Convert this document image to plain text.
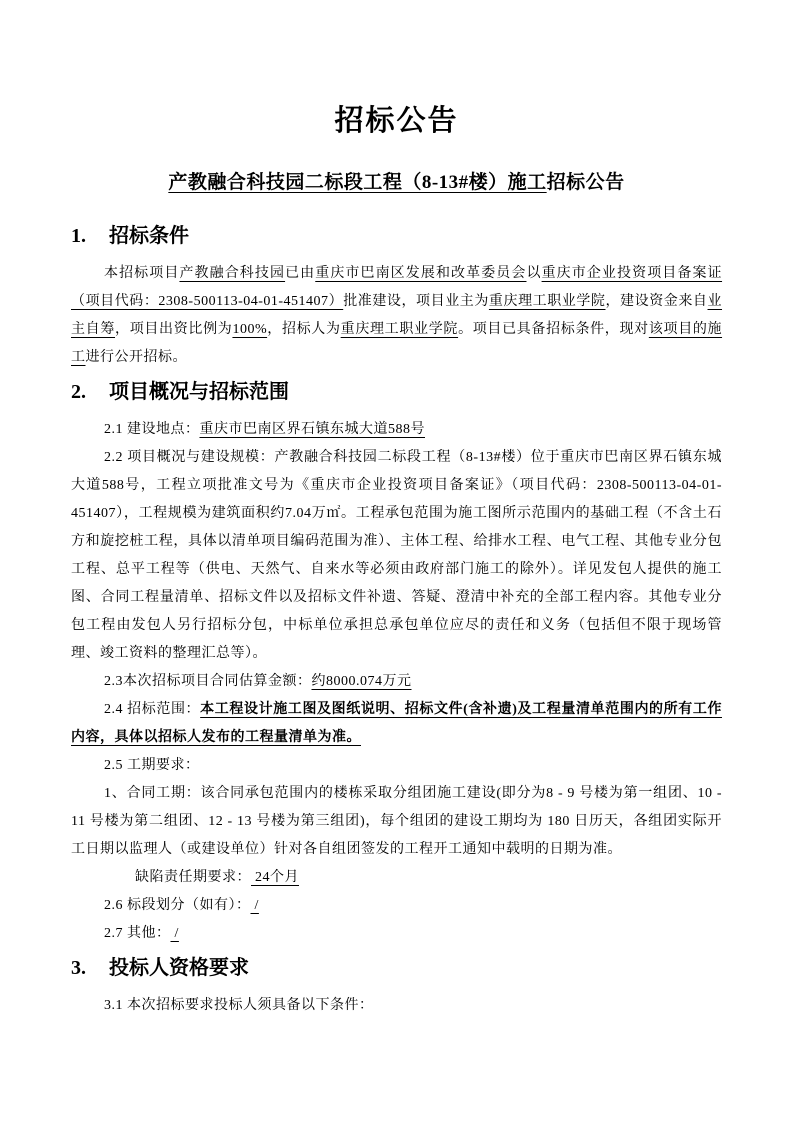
招标公告
产教融合科技园二标段工程（8-13#楼）施工招标公告
1. 招标条件

本招标项目产教融合科技园已由重庆市巴南区发展和改革委员会以重庆市企业投资项目备案证（项目代码：2308-500113-04-01-451407）批准建设，项目业主为重庆理工职业学院，建设资金来自业主自筹，项目出资比例为100%，招标人为重庆理工职业学院。项目已具备招标条件，现对该项目的施工进行公开招标。

2. 项目概况与招标范围

2.1 建设地点：重庆市巴南区界石镇东城大道588号

2.2 项目概况与建设规模：产教融合科技园二标段工程（8-13#楼）位于重庆市巴南区界石镇东城大道588号，工程立项批准文号为《重庆市企业投资项目备案证》（项目代码：2308-500113-04-01-451407），工程规模为建筑面积约7.04万㎡。工程承包范围为施工图所示范围内的基础工程（不含土石方和旋挖桩工程，具体以清单项目编码范围为准）、主体工程、给排水工程、电气工程、其他专业分包工程、总平工程等（供电、天然气、自来水等必须由政府部门施工的除外）。详见发包人提供的施工图、合同工程量清单、招标文件以及招标文件补遗、答疑、澄清中补充的全部工程内容。其他专业分包工程由发包人另行招标分包，中标单位承担总承包单位应尽的责任和义务（包括但不限于现场管理、竣工资料的整理汇总等）。

2.3本次招标项目合同估算金额：约8000.074万元

2.4 招标范围：本工程设计施工图及图纸说明、招标文件(含补遗)及工程量清单范围内的所有工作内容，具体以招标人发布的工程量清单为准。

2.5 工期要求：

1、合同工期：该合同承包范围内的楼栋采取分组团施工建设(即分为8 - 9 号楼为第一组团、10 - 11 号楼为第二组团、12 - 13 号楼为第三组团)，每个组团的建设工期均为 180 日历天，各组团实际开工日期以监理人（或建设单位）针对各自组团签发的工程开工通知中载明的日期为准。

缺陷责任期要求： 24个月

2.6 标段划分（如有）： /

2.7 其他： /

3. 投标人资格要求

3.1 本次招标要求投标人须具备以下条件：
